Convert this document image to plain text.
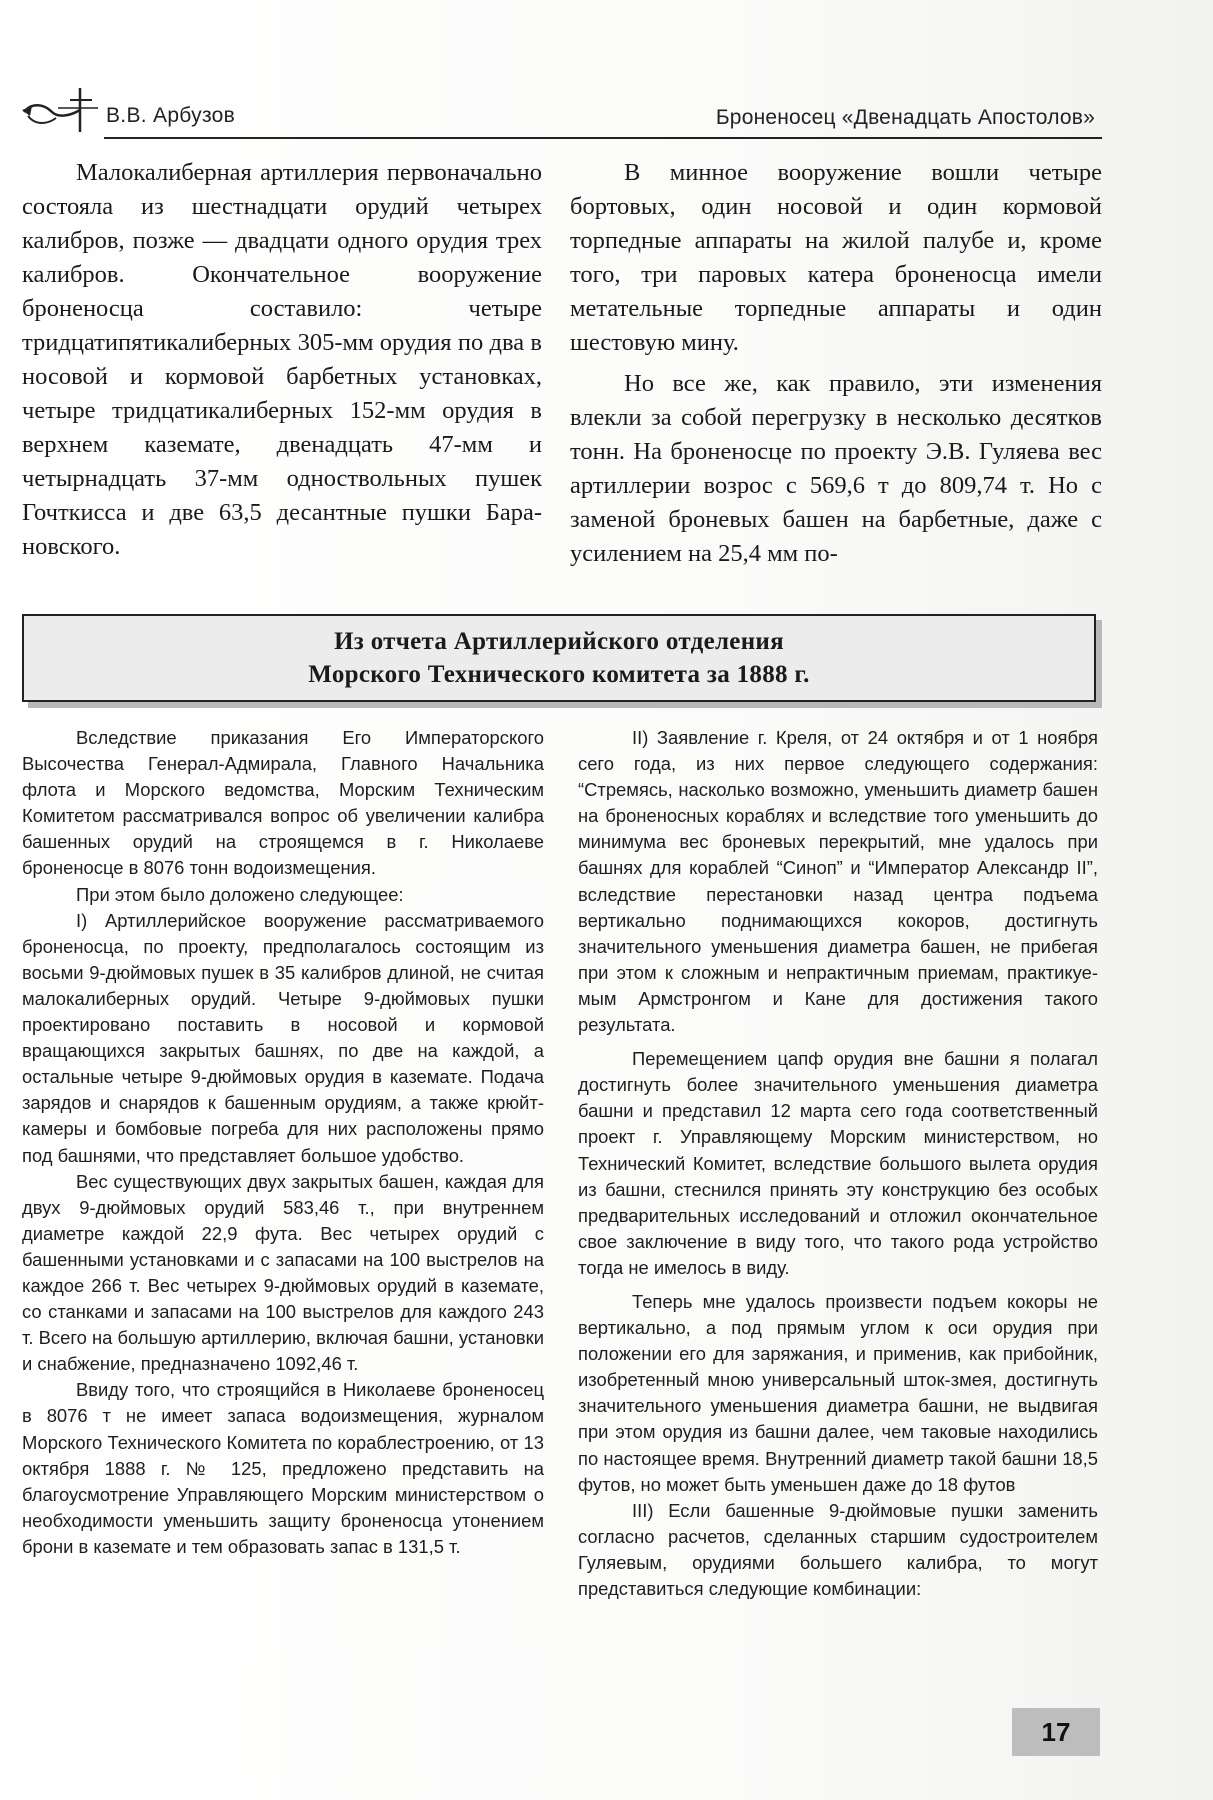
В.В. Арбузов	Броненосец «Двенадцать Апостолов»

Малокалиберная артиллерия первоначально состояла из шестнадцати орудий четырех калибров, позже — двадцати одного орудия трех калибров. Окончательное вооружение броненосца составило: четыре тридцатипятикалиберных 305-мм орудия по два в носовой и кормовой барбетных установках, четыре тридцатикалиберных 152-мм орудия в верхнем каземате, двенадцать 47-мм и четырнадцать 37-мм одноствольных пушек Гочткисса и две 63,5 десантные пушки Барановского.

В минное вооружение вошли четыре бортовых, один носовой и один кормовой торпедные аппараты на жилой палубе и, кроме того, три паровых катера броненосца имели метательные торпедные аппараты и один шестовую мину.

Но все же, как правило, эти изменения влекли за собой перегрузку в несколько десятков тонн. На броненосце по проекту Э.В. Гуляева вес артиллерии возрос с 569,6 т до 809,74 т. Но с заменой броневых башен на барбетные, даже с усилением на 25,4 мм по-

Из отчета Артиллерийского отделения
Морского Технического комитета за 1888 г.

Вследствие приказания Его Императорского Высочества Генерал-Адмирала, Главного Начальника флота и Морского ведомства, Морским Техническим Комитетом рассматривался вопрос об увеличении калибра башенных орудий на строящемся в г. Николаеве броненосце в 8076 тонн водоизмещения.

При этом было доложено следующее:

I) Артиллерийское вооружение рассматриваемого броненосца, по проекту, предполагалось состоящим из восьми 9-дюймовых пушек в 35 калибров длиной, не считая малокалиберных орудий. Четыре 9-дюймовых пушки проектировано поставить в носовой и кормовой вращающихся закрытых башнях, по две на каждой, а остальные четыре 9-дюймовых орудия в каземате. Подача зарядов и снарядов к башенным орудиям, а также крюйт-камеры и бомбовые погреба для них расположены прямо под башнями, что представляет большое удобство.

Вес существующих двух закрытых башен, каждая для двух 9-дюймовых орудий 583,46 т., при внутреннем диаметре каждой 22,9 фута. Вес четырех орудий с башенными установками и с запасами на 100 выстрелов на каждое 266 т. Вес четырех 9-дюймовых орудий в каземате, со станками и запасами на 100 выстрелов для каждого 243 т. Всего на большую артиллерию, включая башни, установки и снабжение, предназначено 1092,46 т.

Ввиду того, что строящийся в Николаеве броненосец в 8076 т не имеет запаса водоизмещения, журналом Морского Технического Комитета по кораблестроению, от 13 октября 1888 г. № 125, предложено представить на благоусмотрение Управляющего Морским министерством о необходимости уменьшить защиту броненосца утонением брони в каземате и тем образовать запас в 131,5 т.

II) Заявление г. Креля, от 24 октября и от 1 ноября сего года, из них первое следующего содержания: “Стремясь, насколько возможно, уменьшить диаметр башен на броненосных кораблях и вследствие того уменьшить до минимума вес броневых перекрытий, мне удалось при башнях для кораблей “Синоп” и “Император Александр II”, вследствие перестановки назад центра подъема вертикально поднимающихся кокоров, достигнуть значительного уменьшения диаметра башен, не прибегая при этом к сложным и непрактичным приемам, практикуемым Армстронгом и Кане для достижения такого результата.

Перемещением цапф орудия вне башни я полагал достигнуть более значительного уменьшения диаметра башни и представил 12 марта сего года соответственный проект г. Управляющему Морским министерством, но Технический Комитет, вследствие большого вылета орудия из башни, стеснился принять эту конструкцию без особых предварительных исследований и отложил окончательное свое заключение в виду того, что такого рода устройство тогда не имелось в виду.

Теперь мне удалось произвести подъем кокоры не вертикально, а под прямым углом к оси орудия при положении его для заряжания, и применив, как прибойник, изобретенный мною универсальный шток-змея, достигнуть значительного уменьшения диаметра башни, не выдвигая при этом орудия из башни далее, чем таковые находились по настоящее время. Внутренний диаметр такой башни 18,5 футов, но может быть уменьшен даже до 18 футов

III) Если башенные 9-дюймовые пушки заменить согласно расчетов, сделанных старшим судостроителем Гуляевым, орудиями большего калибра, то могут представиться следующие комбинации:

17
